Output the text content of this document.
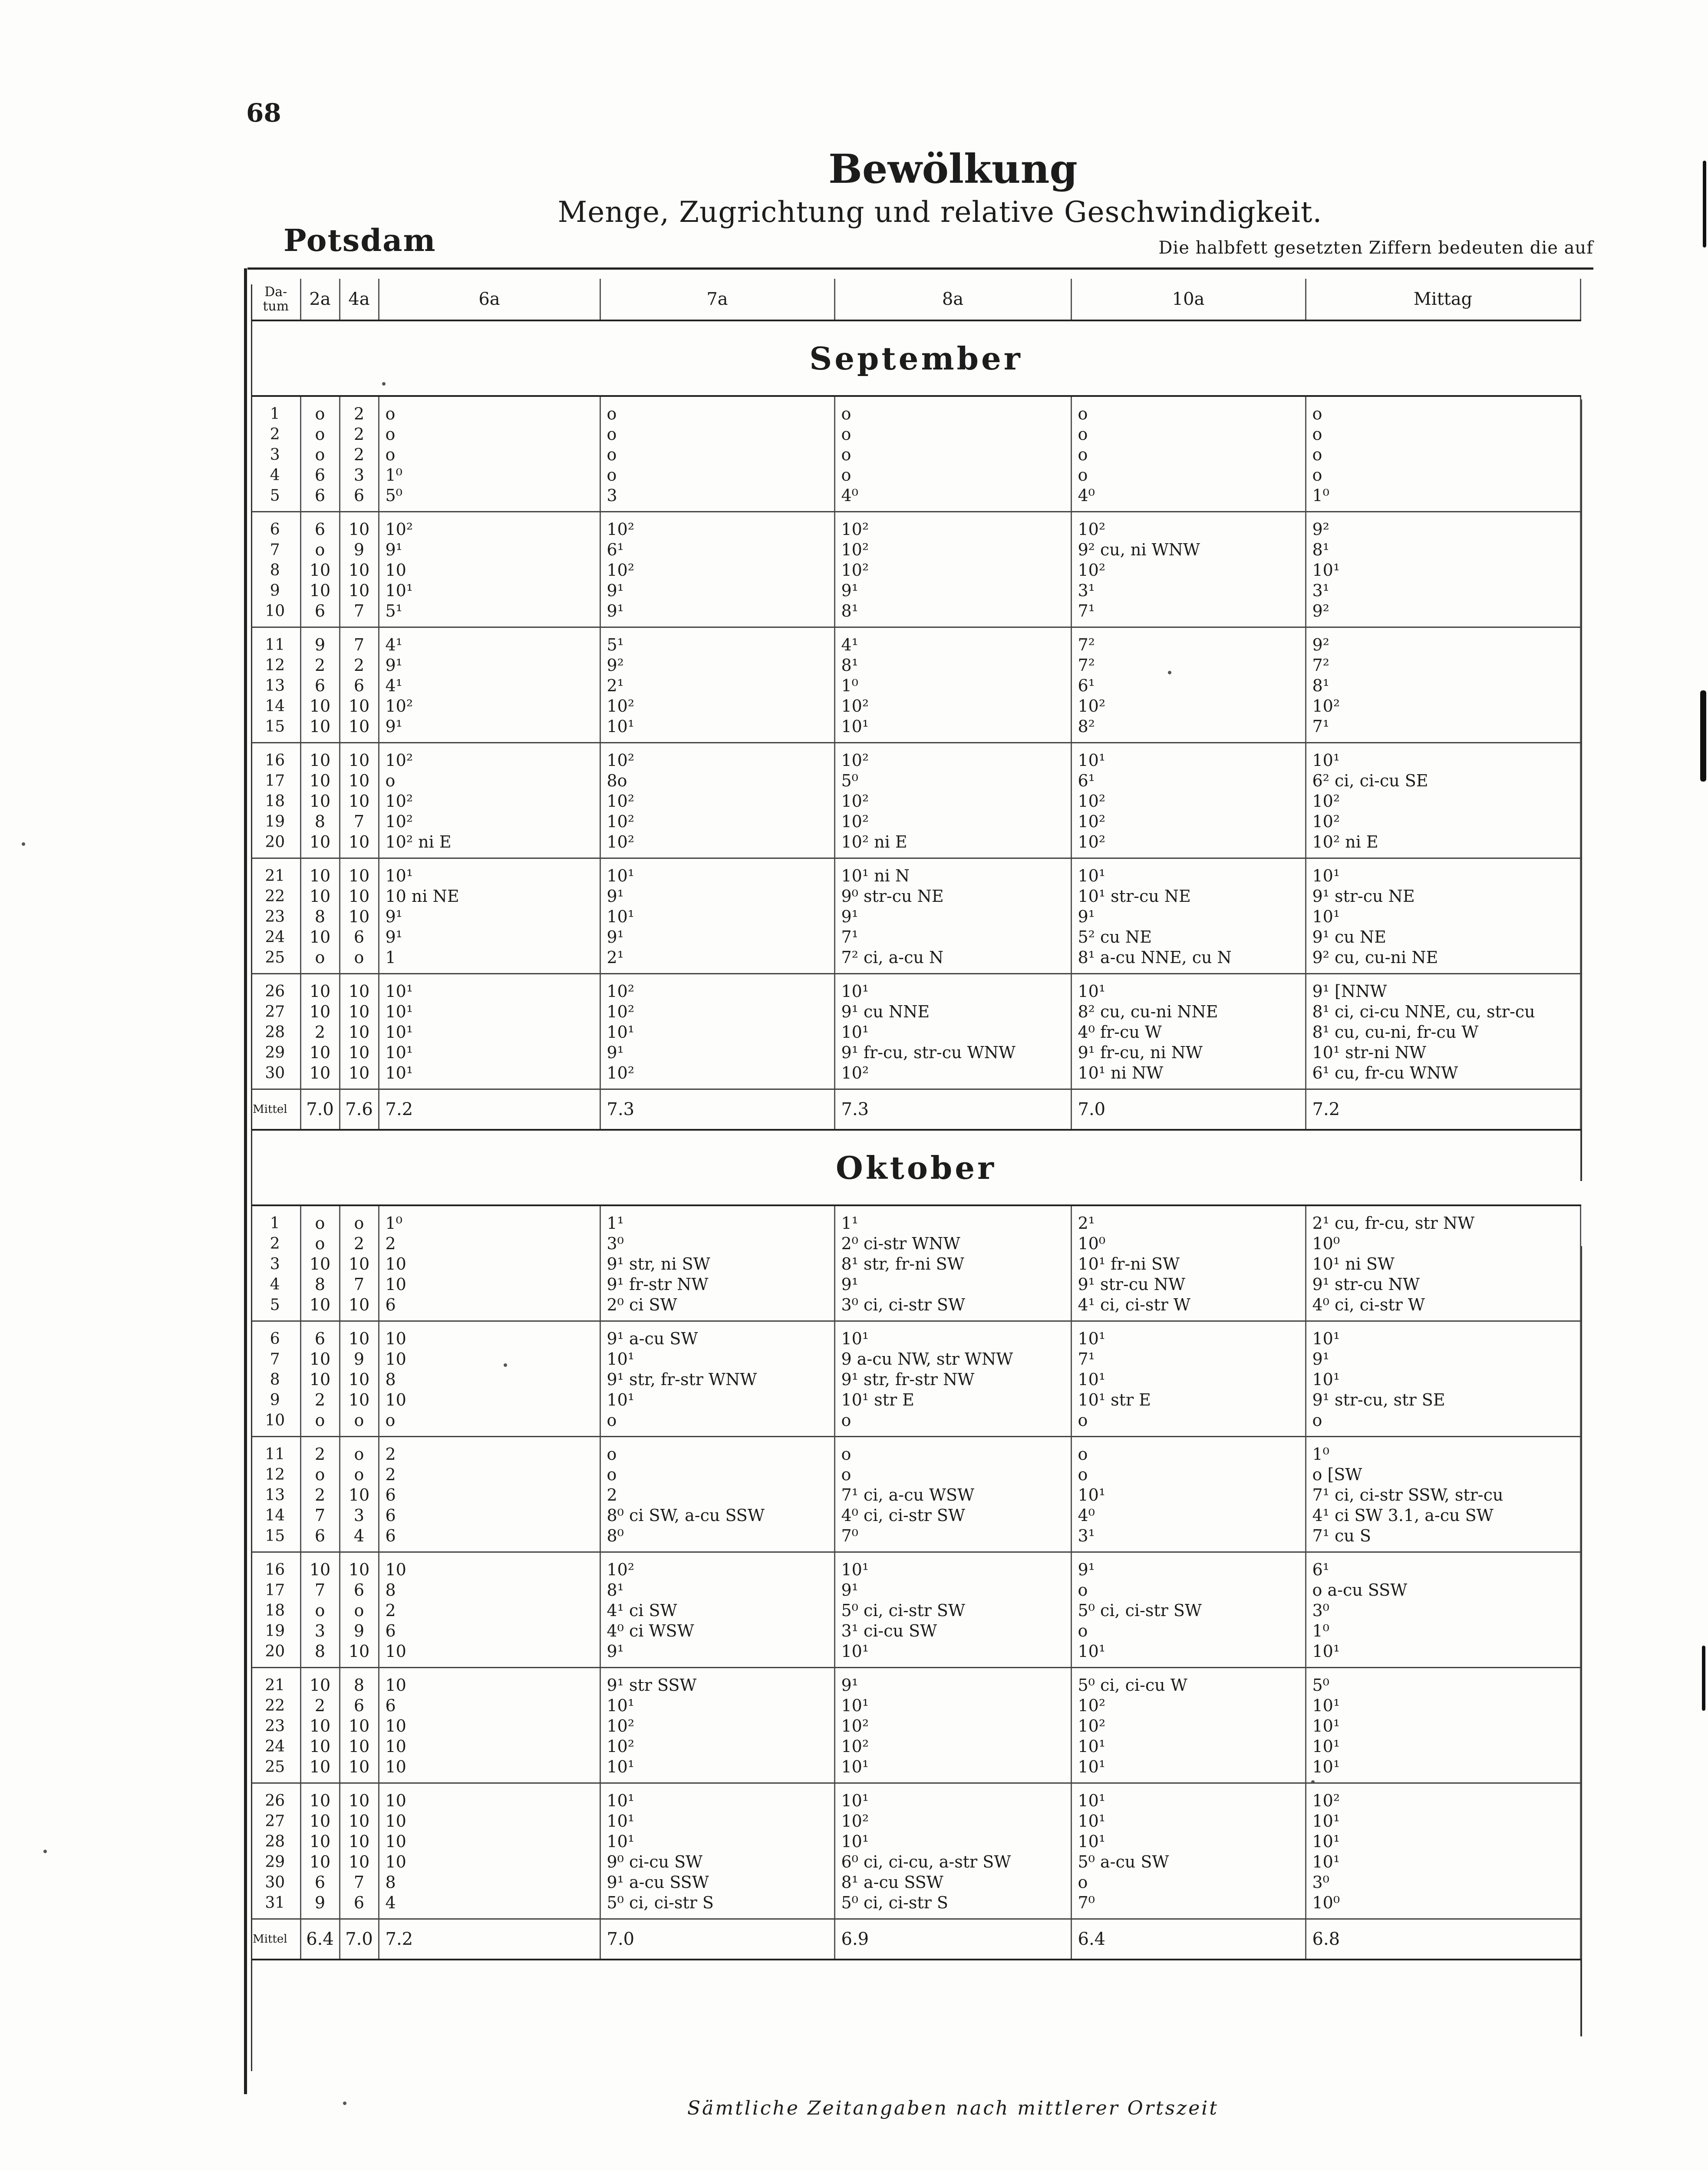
68
Bewölkung
Menge, Zugrichtung und relative Geschwindigkeit.
Potsdam	Die halbfett gesetzten Ziffern bedeuten die auf
Da- tum	2a	4a	6a	7a	8a	10a	Mittag
September							
1	o	2	o	o	o	o	o
2	o	2	o	o	o	o	o
3	o	2	o	o	o	o	o
4	6	3	1⁰	o	o	o	o
5	6	6	5⁰	3	4⁰	4⁰	1⁰
6	6	10	10²	10²	10²	10²	9²
7	o	9	9¹	6¹	10²	9² cu, ni WNW	8¹
8	10	10	10	10²	10²	10²	10¹
9	10	10	10¹	9¹	9¹	3¹	3¹
10	6	7	5¹	9¹	8¹	7¹	9²
11	9	7	4¹	5¹	4¹	7²	9²
12	2	2	9¹	9²	8¹	7²	7²
13	6	6	4¹	2¹	1⁰	6¹	8¹
14	10	10	10²	10²	10²	10²	10²
15	10	10	9¹	10¹	10¹	8²	7¹
16	10	10	10²	10²	10²	10¹	10¹
17	10	10	o	8o	5⁰	6¹	6² ci, ci-cu SE
18	10	10	10²	10²	10²	10²	10²
19	8	7	10²	10²	10²	10²	10²
20	10	10	10² ni E	10²	10² ni E	10²	10² ni E
21	10	10	10¹	10¹	10¹ ni N	10¹	10¹
22	10	10	10 ni NE	9¹	9⁰ str-cu NE	10¹ str-cu NE	9¹ str-cu NE
23	8	10	9¹	10¹	9¹	9¹	10¹
24	10	6	9¹	9¹	7¹	5² cu NE	9¹ cu NE
25	o	o	1	2¹	7² ci, a-cu N	8¹ a-cu NNE, cu N	9² cu, cu-ni NE
26	10	10	10¹	10²	10¹	10¹	9¹ [NNW
27	10	10	10¹	10²	9¹ cu NNE	8² cu, cu-ni NNE	8¹ ci, ci-cu NNE, cu, str-cu
28	2	10	10¹	10¹	10¹	4⁰ fr-cu W	8¹ cu, cu-ni, fr-cu W
29	10	10	10¹	9¹	9¹ fr-cu, str-cu WNW	9¹ fr-cu, ni NW	10¹ str-ni NW
30	10	10	10¹	10²	10²	10¹ ni NW	6¹ cu, fr-cu WNW
Mittel	7.0	7.6	7.2	7.3	7.3	7.0	7.2
Oktober							
1	o	o	1⁰	1¹	1¹	2¹	2¹ cu, fr-cu, str NW
2	o	2	2	3⁰	2⁰ ci-str WNW	10⁰	10⁰
3	10	10	10	9¹ str, ni SW	8¹ str, fr-ni SW	10¹ fr-ni SW	10¹ ni SW
4	8	7	10	9¹ fr-str NW	9¹	9¹ str-cu NW	9¹ str-cu NW
5	10	10	6	2⁰ ci SW	3⁰ ci, ci-str SW	4¹ ci, ci-str W	4⁰ ci, ci-str W
6	6	10	10	9¹ a-cu SW	10¹	10¹	10¹
7	10	9	10	10¹	9 a-cu NW, str WNW	7¹	9¹
8	10	10	8	9¹ str, fr-str WNW	9¹ str, fr-str NW	10¹	10¹
9	2	10	10	10¹	10¹ str E	10¹ str E	9¹ str-cu, str SE
10	o	o	o	o	o	o	o
11	2	o	2	o	o	o	1⁰
12	o	o	2	o	o	o	o [SW
13	2	10	6	2	7¹ ci, a-cu WSW	10¹	7¹ ci, ci-str SSW, str-cu
14	7	3	6	8⁰ ci SW, a-cu SSW	4⁰ ci, ci-str SW	4⁰	4¹ ci SW 3.1, a-cu SW
15	6	4	6	8⁰	7⁰	3¹	7¹ cu S
16	10	10	10	10²	10¹	9¹	6¹
17	7	6	8	8¹	9¹	o	o a-cu SSW
18	o	o	2	4¹ ci SW	5⁰ ci, ci-str SW	5⁰ ci, ci-str SW	3⁰
19	3	9	6	4⁰ ci WSW	3¹ ci-cu SW	o	1⁰
20	8	10	10	9¹	10¹	10¹	10¹
21	10	8	10	9¹ str SSW	9¹	5⁰ ci, ci-cu W	5⁰
22	2	6	6	10¹	10¹	10²	10¹
23	10	10	10	10²	10²	10²	10¹
24	10	10	10	10²	10²	10¹	10¹
25	10	10	10	10¹	10¹	10¹	10¹
26	10	10	10	10¹	10¹	10¹	10²
27	10	10	10	10¹	10²	10¹	10¹
28	10	10	10	10¹	10¹	10¹	10¹
29	10	10	10	9⁰ ci-cu SW	6⁰ ci, ci-cu, a-str SW	5⁰ a-cu SW	10¹
30	6	7	8	9¹ a-cu SSW	8¹ a-cu SSW	o	3⁰
31	9	6	4	5⁰ ci, ci-str S	5⁰ ci, ci-str S	7⁰	10⁰
Mittel	6.4	7.0	7.2	7.0	6.9	6.4	6.8
Sämtliche Zeitangaben nach mittlerer Ortszeit
